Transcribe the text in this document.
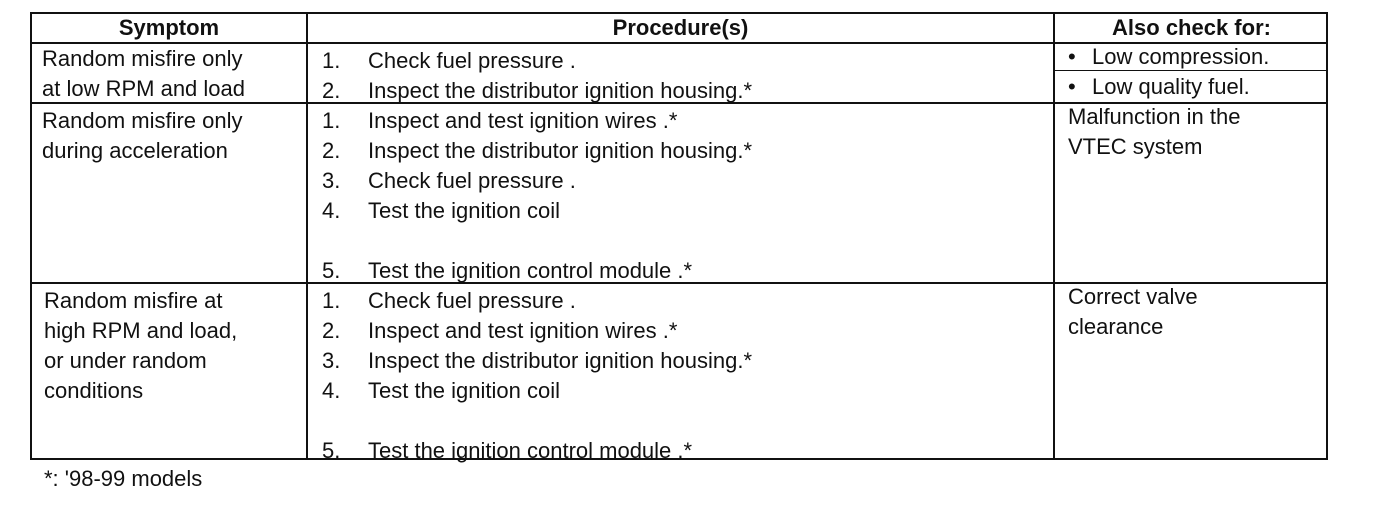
Symptom	Procedure(s)	Also check for:
Random misfire only
at low RPM and load
1. Check fuel pressure .
2. Inspect the distributor ignition housing.*
• Low compression.
• Low quality fuel.
Random misfire only
during acceleration
1. Inspect and test ignition wires .*
2. Inspect the distributor ignition housing.*
3. Check fuel pressure .
4. Test the ignition coil
5. Test the ignition control module .*
Malfunction in the
VTEC system
Random misfire at
high RPM and load,
or under random
conditions
1. Check fuel pressure .
2. Inspect and test ignition wires .*
3. Inspect the distributor ignition housing.*
4. Test the ignition coil
5. Test the ignition control module .*
Correct valve
clearance
*: '98-99 models
